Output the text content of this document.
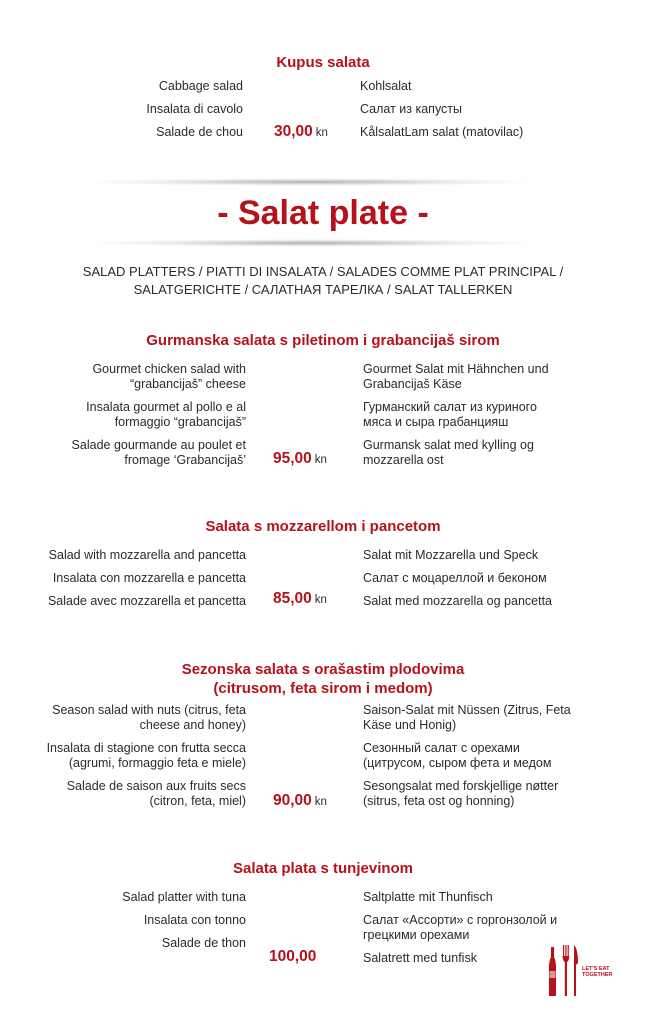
Kupus salata
Cabbage salad
Insalata di cavolo
Salade de chou
Kohlsalat
Салат из капусты
KålsalatLam salat (matovilac)
30,00 kn
- Salat plate -
SALAD PLATTERS / PIATTI DI INSALATA / SALADES COMME PLAT PRINCIPAL /
SALATGERICHTE / САЛАТНАЯ ТАРЕЛКА / SALAT TALLERKEN
Gurmanska salata s piletinom i grabancijaš sirom
Gourmet chicken salad with
“grabancijaš” cheese
Insalata gourmet al pollo e al
formaggio “grabancijaš”
Salade gourmande au poulet et
fromage ‘Grabancijaš’
Gourmet Salat mit Hähnchen und
Grabancijaš Käse
Гурманский салат из куриного
мяса и сыра грабанцияш
Gurmansk salat med kylling og
mozzarella ost
95,00 kn
Salata s mozzarellom i pancetom
Salad with mozzarella and pancetta
Insalata con mozzarella e pancetta
Salade avec mozzarella et pancetta
Salat mit Mozzarella und Speck
Салат с моцареллой и беконом
Salat med mozzarella og pancetta
85,00 kn
Sezonska salata s orašastim plodovima
(citrusom, feta sirom i medom)
Season salad with nuts (citrus, feta
cheese and honey)
Insalata di stagione con frutta secca
(agrumi, formaggio feta e miele)
Salade de saison aux fruits secs
(citron, feta, miel)
Saison-Salat mit Nüssen (Zitrus, Feta
Käse und Honig)
Сезонный салат с орехами
(цитрусом, сыром фета и медом
Sesongsalat med forskjellige nøtter
(sitrus, feta ost og honning)
90,00 kn
Salata plata s tunjevinom
Salad platter with tuna
Insalata con tonno
Salade de thon
Saltplatte mit Thunfisch
Салат «Ассорти» с горгонзолой и
грецкими орехами
Salatrett med tunfisk
100,00
LET'S EAT
TOGETHER
